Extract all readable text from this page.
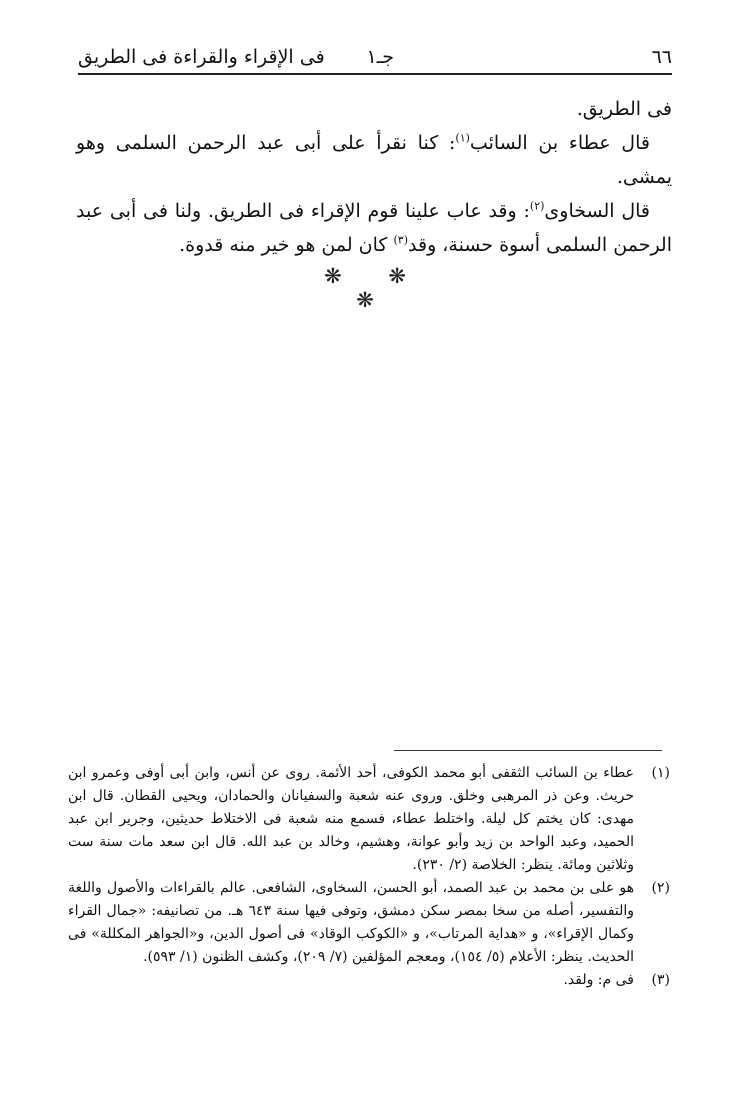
٦٦
جـ١
فى الإقراء والقراءة فى الطريق

فى الطريق.

قال عطاء بن السائب$^{(١)}$: كنا نقرأ على أبى عبد الرحمن السلمى وهو يمشى.

قال السخاوى$^{(٢)}$: وقد عاب علينا قوم الإقراء فى الطريق. ولنا فى أبى عبد الرحمن السلمى أسوة حسنة، وقد$^{(٣)}$ كان لمن هو خير منه قدوة.

❋ ❋ ❋

(١)
عطاء بن السائب الثقفى أبو محمد الكوفى، أحد الأئمة. روى عن أنس، وابن أبى أوفى وعمرو ابن حريث. وعن ذر المرهبى وخلق. وروى عنه شعبة والسفيانان والحمادان، ويحيى القطان. قال ابن مهدى: كان يختم كل ليلة. واختلط عطاء، فسمع منه شعبة فى الاختلاط حديثين، وجرير ابن عبد الحميد، وعبد الواحد بن زيد وأبو عوانة، وهشيم، وخالد بن عبد الله. قال ابن سعد مات سنة ست وثلاثين ومائة. ينظر: الخلاصة (٢/ ٢٣٠).

(٢)
هو على بن محمد بن عبد الصمد، أبو الحسن، السخاوى، الشافعى. عالم بالقراءات والأصول واللغة والتفسير، أصله من سخا بمصر سكن دمشق، وتوفى فيها سنة ٦٤٣ هـ. من تصانيفه: «جمال القراء وكمال الإقراء»، و «هداية المرتاب»، و «الكوكب الوقاد» فى أصول الدين، و«الجواهر المكللة» فى الحديث. ينظر: الأعلام (٥/ ١٥٤)، ومعجم المؤلفين (٧/ ٢٠٩)، وكشف الظنون (١/ ٥٩٣).

(٣)
فى م: ولقد.
